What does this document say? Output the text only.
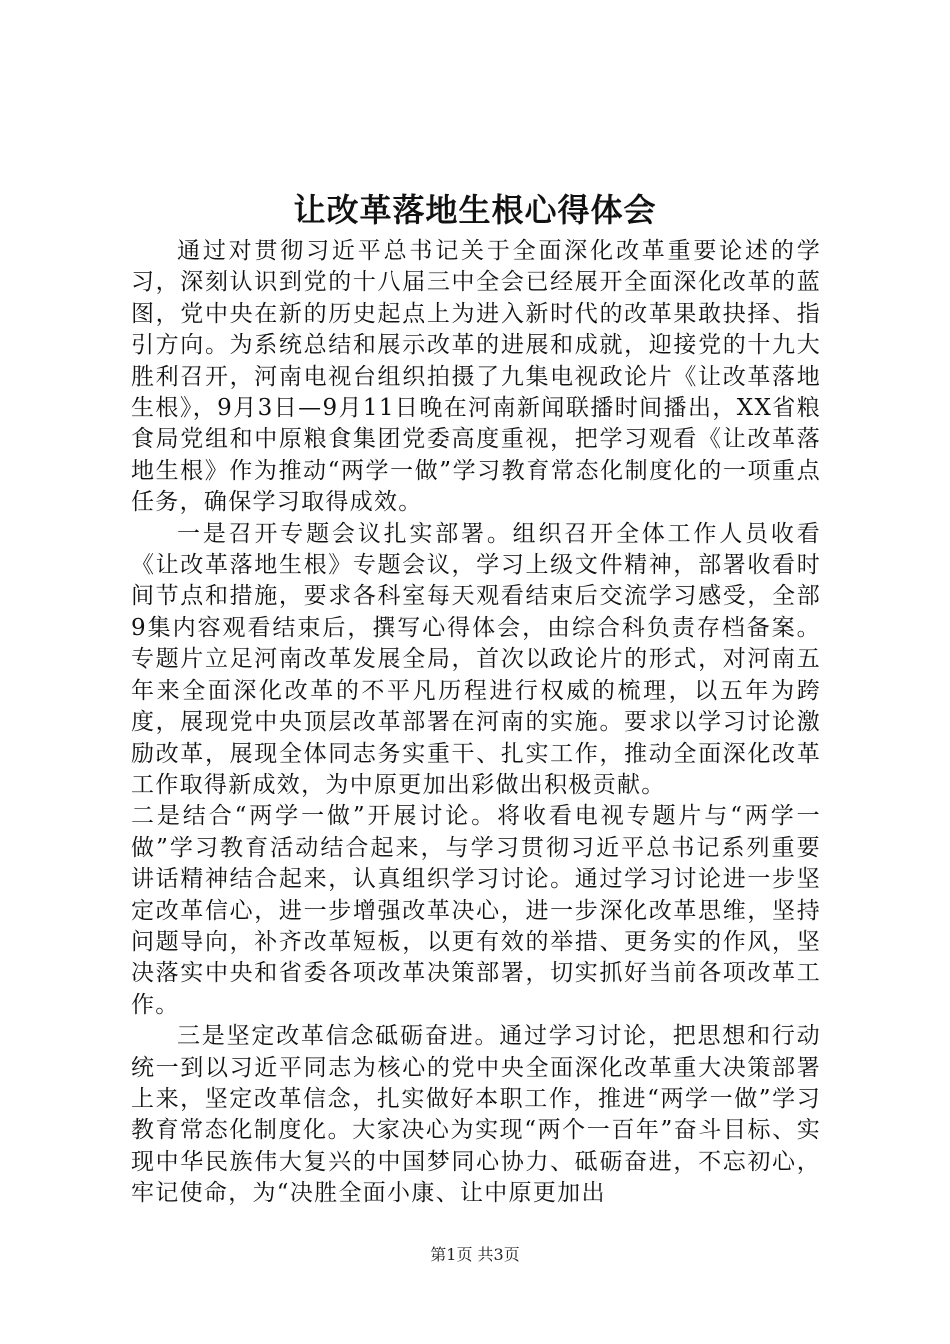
让改革落地生根心得体会

通过对贯彻习近平总书记关于全面深化改革重要论述的学习，深刻认识到党的十八届三中全会已经展开全面深化改革的蓝图，党中央在新的历史起点上为进入新时代的改革果敢抉择、指引方向。为系统总结和展示改革的进展和成就，迎接党的十九大胜利召开，河南电视台组织拍摄了九集电视政论片《让改革落地生根》，9月3日—9月11日晚在河南新闻联播时间播出，XX省粮食局党组和中原粮食集团党委高度重视，把学习观看《让改革落地生根》作为推动“两学一做”学习教育常态化制度化的一项重点任务，确保学习取得成效。

一是召开专题会议扎实部署。组织召开全体工作人员收看《让改革落地生根》专题会议，学习上级文件精神，部署收看时间节点和措施，要求各科室每天观看结束后交流学习感受，全部9集内容观看结束后，撰写心得体会，由综合科负责存档备案。专题片立足河南改革发展全局，首次以政论片的形式，对河南五年来全面深化改革的不平凡历程进行权威的梳理，以五年为跨度，展现党中央顶层改革部署在河南的实施。要求以学习讨论激励改革，展现全体同志务实重干、扎实工作，推动全面深化改革工作取得新成效，为中原更加出彩做出积极贡献。

二是结合“两学一做”开展讨论。将收看电视专题片与“两学一做”学习教育活动结合起来，与学习贯彻习近平总书记系列重要讲话精神结合起来，认真组织学习讨论。通过学习讨论进一步坚定改革信心，进一步增强改革决心，进一步深化改革思维，坚持问题导向，补齐改革短板，以更有效的举措、更务实的作风，坚决落实中央和省委各项改革决策部署，切实抓好当前各项改革工作。

三是坚定改革信念砥砺奋进。通过学习讨论，把思想和行动统一到以习近平同志为核心的党中央全面深化改革重大决策部署上来，坚定改革信念，扎实做好本职工作，推进“两学一做”学习教育常态化制度化。大家决心为实现“两个一百年”奋斗目标、实现中华民族伟大复兴的中国梦同心协力、砥砺奋进，不忘初心，牢记使命，为“决胜全面小康、让中原更加出

第1页 共3页
